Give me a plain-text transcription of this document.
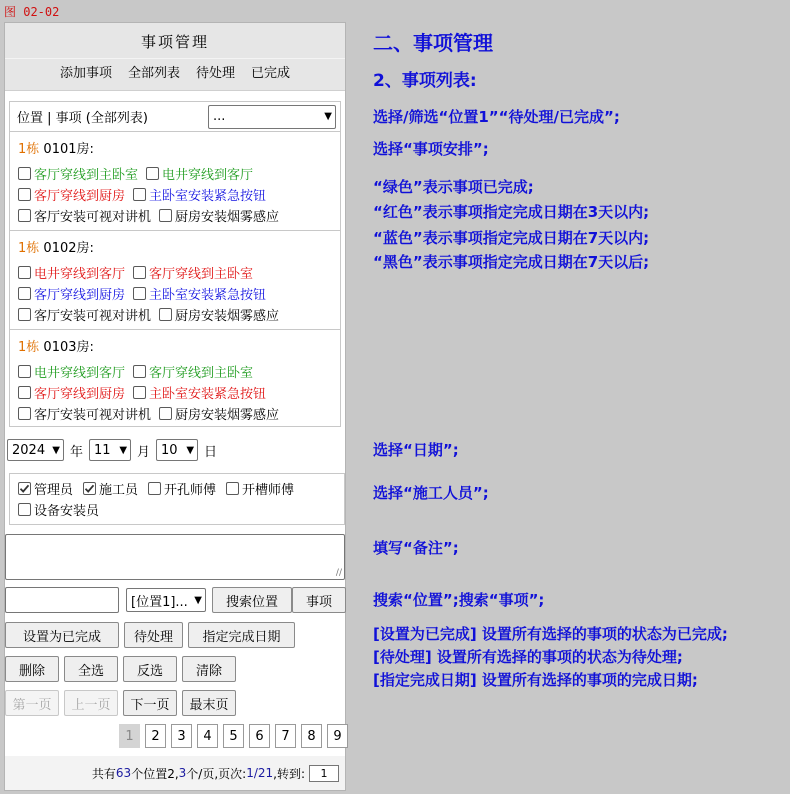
图 02-02
事项管理
添加事项 全部列表 待处理 已完成
位置 | 事项 (全部列表)	...	▼
1栋 0101房:
客厅穿线到主卧室 电井穿线到客厅
客厅穿线到厨房 主卧室安装紧急按钮
客厅安装可视对讲机 厨房安装烟雾感应
1栋 0102房:
电井穿线到客厅 客厅穿线到主卧室
客厅穿线到厨房 主卧室安装紧急按钮
客厅安装可视对讲机 厨房安装烟雾感应
1栋 0103房:
电井穿线到客厅 客厅穿线到主卧室
客厅穿线到厨房 主卧室安装紧急按钮
客厅安装可视对讲机 厨房安装烟雾感应
2024 ▼ 年 11 ▼ 月 10 ▼ 日
管理员 施工员 开孔师傅 开槽师傅
设备安装员
∕∕
[位置1]... ▼	搜索位置	事项
设置为已完成	待处理	指定完成日期
删除	全选	反选	清除
第一页	上一页	下一页	最末页
1	2	3	4	5	6	7	8	9
共有 63 个位置2, 3 个/页,页次: 1/21 ,转到:	1
二、事项管理
2、事项列表:
选择/筛选“位置1”“待处理/已完成”;
选择“事项安排”;
“绿色”表示事项已完成;
“红色”表示事项指定完成日期在3天以内;
“蓝色”表示事项指定完成日期在7天以内;
“黑色”表示事项指定完成日期在7天以后;
选择“日期”;
选择“施工人员”;
填写“备注”;
搜索“位置”;搜索“事项”;
[设置为已完成] 设置所有选择的事项的状态为已完成;
[待处理] 设置所有选择的事项的状态为待处理;
[指定完成日期] 设置所有选择的事项的完成日期;
